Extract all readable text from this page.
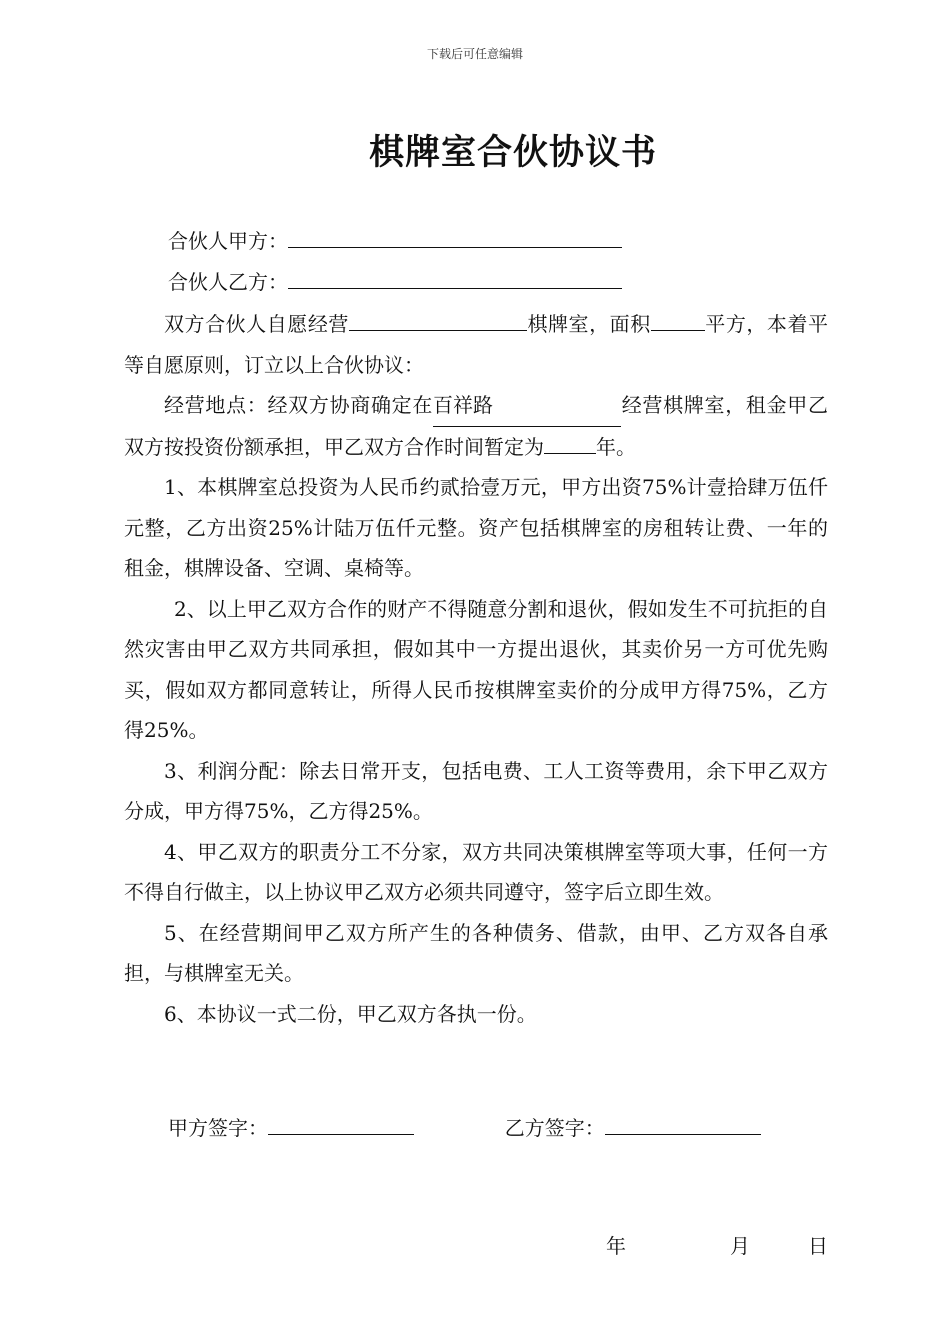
下载后可任意编辑
棋牌室合伙协议书
合伙人甲方：
合伙人乙方：

双方合伙人自愿经营	棋牌室，面积	平方，本着平等自愿原则，订立以上合伙协议：

经营地点：经双方协商确定在百祥路	经营棋牌室，租金甲乙双方按投资份额承担，甲乙双方合作时间暂定为	年。

1、本棋牌室总投资为人民币约贰拾壹万元，甲方出资75%计壹拾肆万伍仟元整，乙方出资25%计陆万伍仟元整。资产包括棋牌室的房租转让费、一年的租金，棋牌设备、空调、桌椅等。

2、以上甲乙双方合作的财产不得随意分割和退伙，假如发生不可抗拒的自然灾害由甲乙双方共同承担，假如其中一方提出退伙，其卖价另一方可优先购买，假如双方都同意转让，所得人民币按棋牌室卖价的分成甲方得75%，乙方得25%。

3、利润分配：除去日常开支，包括电费、工人工资等费用，余下甲乙双方分成，甲方得75%，乙方得25%。

4、甲乙双方的职责分工不分家，双方共同决策棋牌室等项大事，任何一方不得自行做主，以上协议甲乙双方必须共同遵守，签字后立即生效。

5、在经营期间甲乙双方所产生的各种债务、借款，由甲、乙方双各自承担，与棋牌室无关。

6、本协议一式二份，甲乙双方各执一份。

甲方签字：	乙方签字：
年	月	日
